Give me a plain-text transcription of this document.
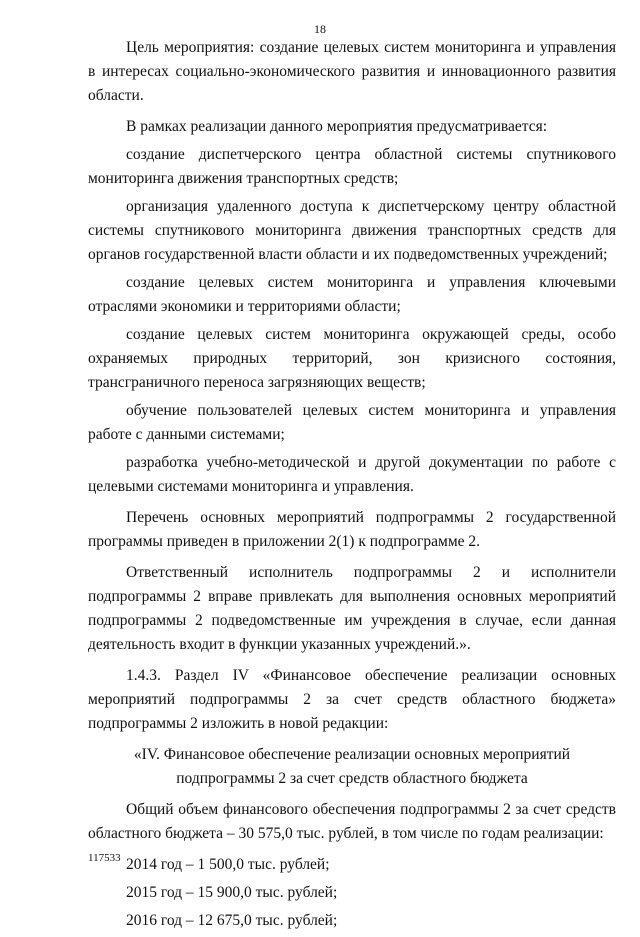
18

Цель мероприятия: создание целевых систем мониторинга и управления в интересах социально-экономического развития и инновационного развития области.

В рамках реализации данного мероприятия предусматривается:

создание диспетчерского центра областной системы спутникового мониторинга движения транспортных средств;

организация удаленного доступа к диспетчерскому центру областной системы спутникового мониторинга движения транспортных средств для органов государственной власти области и их подведомственных учреждений;

создание целевых систем мониторинга и управления ключевыми отраслями экономики и территориями области;

создание целевых систем мониторинга окружающей среды, особо охраняемых природных территорий, зон кризисного состояния, трансграничного переноса загрязняющих веществ;

обучение пользователей целевых систем мониторинга и управления работе с данными системами;

разработка учебно-методической и другой документации по работе с целевыми системами мониторинга и управления.

Перечень основных мероприятий подпрограммы 2 государственной программы приведен в приложении 2(1) к подпрограмме 2.

Ответственный исполнитель подпрограммы 2 и исполнители подпрограммы 2 вправе привлекать для выполнения основных мероприятий подпрограммы 2 подведомственные им учреждения в случае, если данная деятельность входит в функции указанных учреждений.».

1.4.3. Раздел IV «Финансовое обеспечение реализации основных мероприятий подпрограммы 2 за счет средств областного бюджета» подпрограммы 2 изложить в новой редакции:

«IV. Финансовое обеспечение реализации основных мероприятий подпрограммы 2 за счет средств областного бюджета

Общий объем финансового обеспечения подпрограммы 2 за счет средств областного бюджета – 30 575,0 тыс. рублей, в том числе по годам реализации:

2014 год – 1 500,0 тыс. рублей;

2015 год – 15 900,0 тыс. рублей;

2016 год – 12 675,0 тыс. рублей;

117533
